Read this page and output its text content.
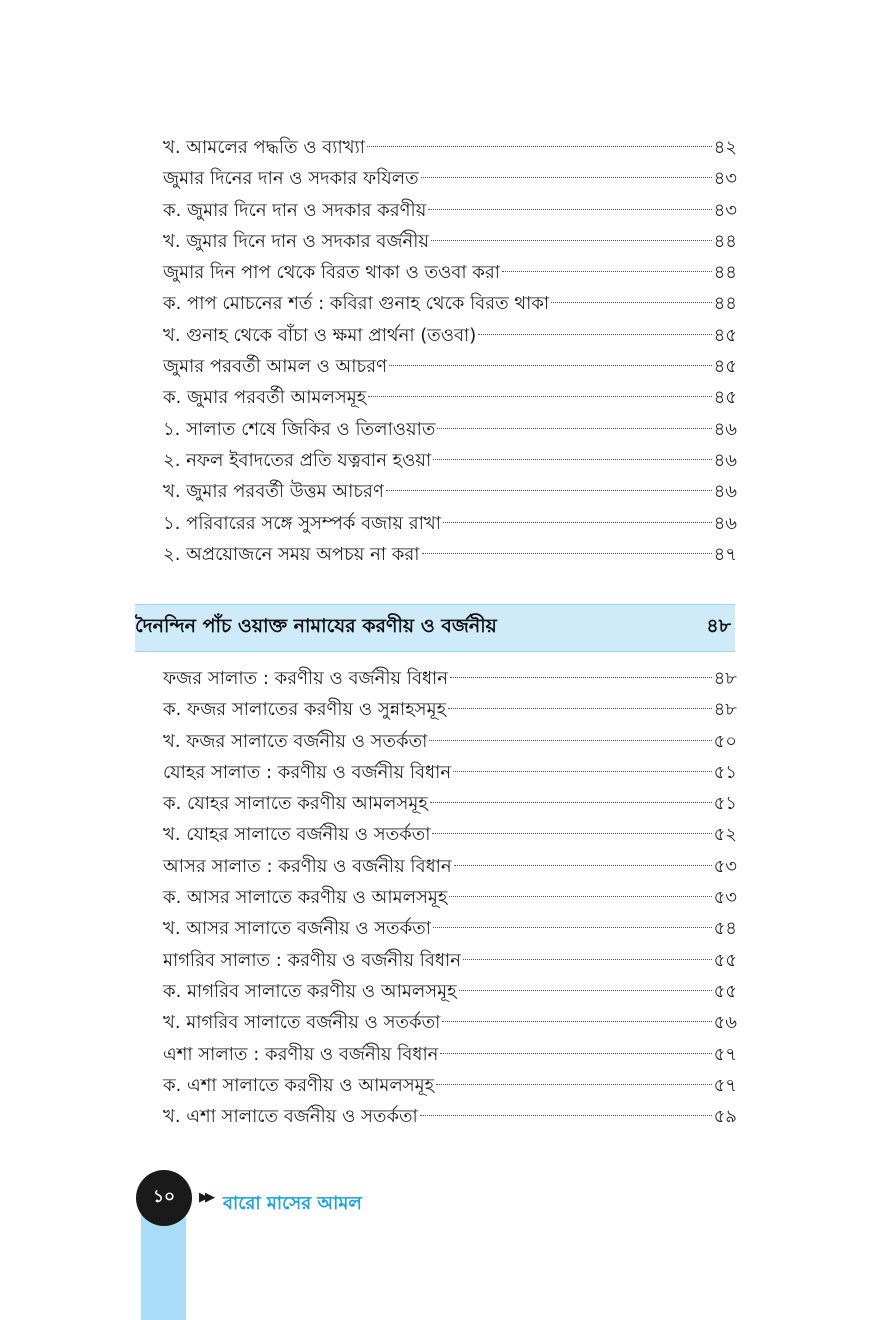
খ. আমলের পদ্ধতি ও ব্যাখ্যা	৪২
জুমার দিনের দান ও সদকার ফযিলত	৪৩
ক. জুমার দিনে দান ও সদকার করণীয়	৪৩
খ. জুমার দিনে দান ও সদকার বর্জনীয়	৪৪
জুমার দিন পাপ থেকে বিরত থাকা ও তওবা করা	৪৪
ক. পাপ মোচনের শর্ত : কবিরা গুনাহ থেকে বিরত থাকা	৪৪
খ. গুনাহ থেকে বাঁচা ও ক্ষমা প্রার্থনা (তওবা)	৪৫
জুমার পরবর্তী আমল ও আচরণ	৪৫
ক. জুমার পরবর্তী আমলসমূহ	৪৫
১. সালাত শেষে জিকির ও তিলাওয়াত	৪৬
২. নফল ইবাদতের প্রতি যত্নবান হওয়া	৪৬
খ. জুমার পরবর্তী উত্তম আচরণ	৪৬
১. পরিবারের সঙ্গে সুসম্পর্ক বজায় রাখা	৪৬
২. অপ্রয়োজনে সময় অপচয় না করা	৪৭
দৈনন্দিন পাঁচ ওয়াক্ত নামাযের করণীয় ও বর্জনীয়	৪৮
ফজর সালাত : করণীয় ও বর্জনীয় বিধান	৪৮
ক. ফজর সালাতের করণীয় ও সুন্নাহসমূহ	৪৮
খ. ফজর সালাতে বর্জনীয় ও সতর্কতা	৫০
যোহর সালাত : করণীয় ও বর্জনীয় বিধান	৫১
ক. যোহর সালাতে করণীয় আমলসমূহ	৫১
খ. যোহর সালাতে বর্জনীয় ও সতর্কতা	৫২
আসর সালাত : করণীয় ও বর্জনীয় বিধান	৫৩
ক. আসর সালাতে করণীয় ও আমলসমূহ	৫৩
খ. আসর সালাতে বর্জনীয় ও সতর্কতা	৫৪
মাগরিব সালাত : করণীয় ও বর্জনীয় বিধান	৫৫
ক. মাগরিব সালাতে করণীয় ও আমলসমূহ	৫৫
খ. মাগরিব সালাতে বর্জনীয় ও সতর্কতা	৫৬
এশা সালাত : করণীয় ও বর্জনীয় বিধান	৫৭
ক. এশা সালাতে করণীয় ও আমলসমূহ	৫৭
খ. এশা সালাতে বর্জনীয় ও সতর্কতা	৫৯
১০ ▶▶ বারো মাসের আমল
